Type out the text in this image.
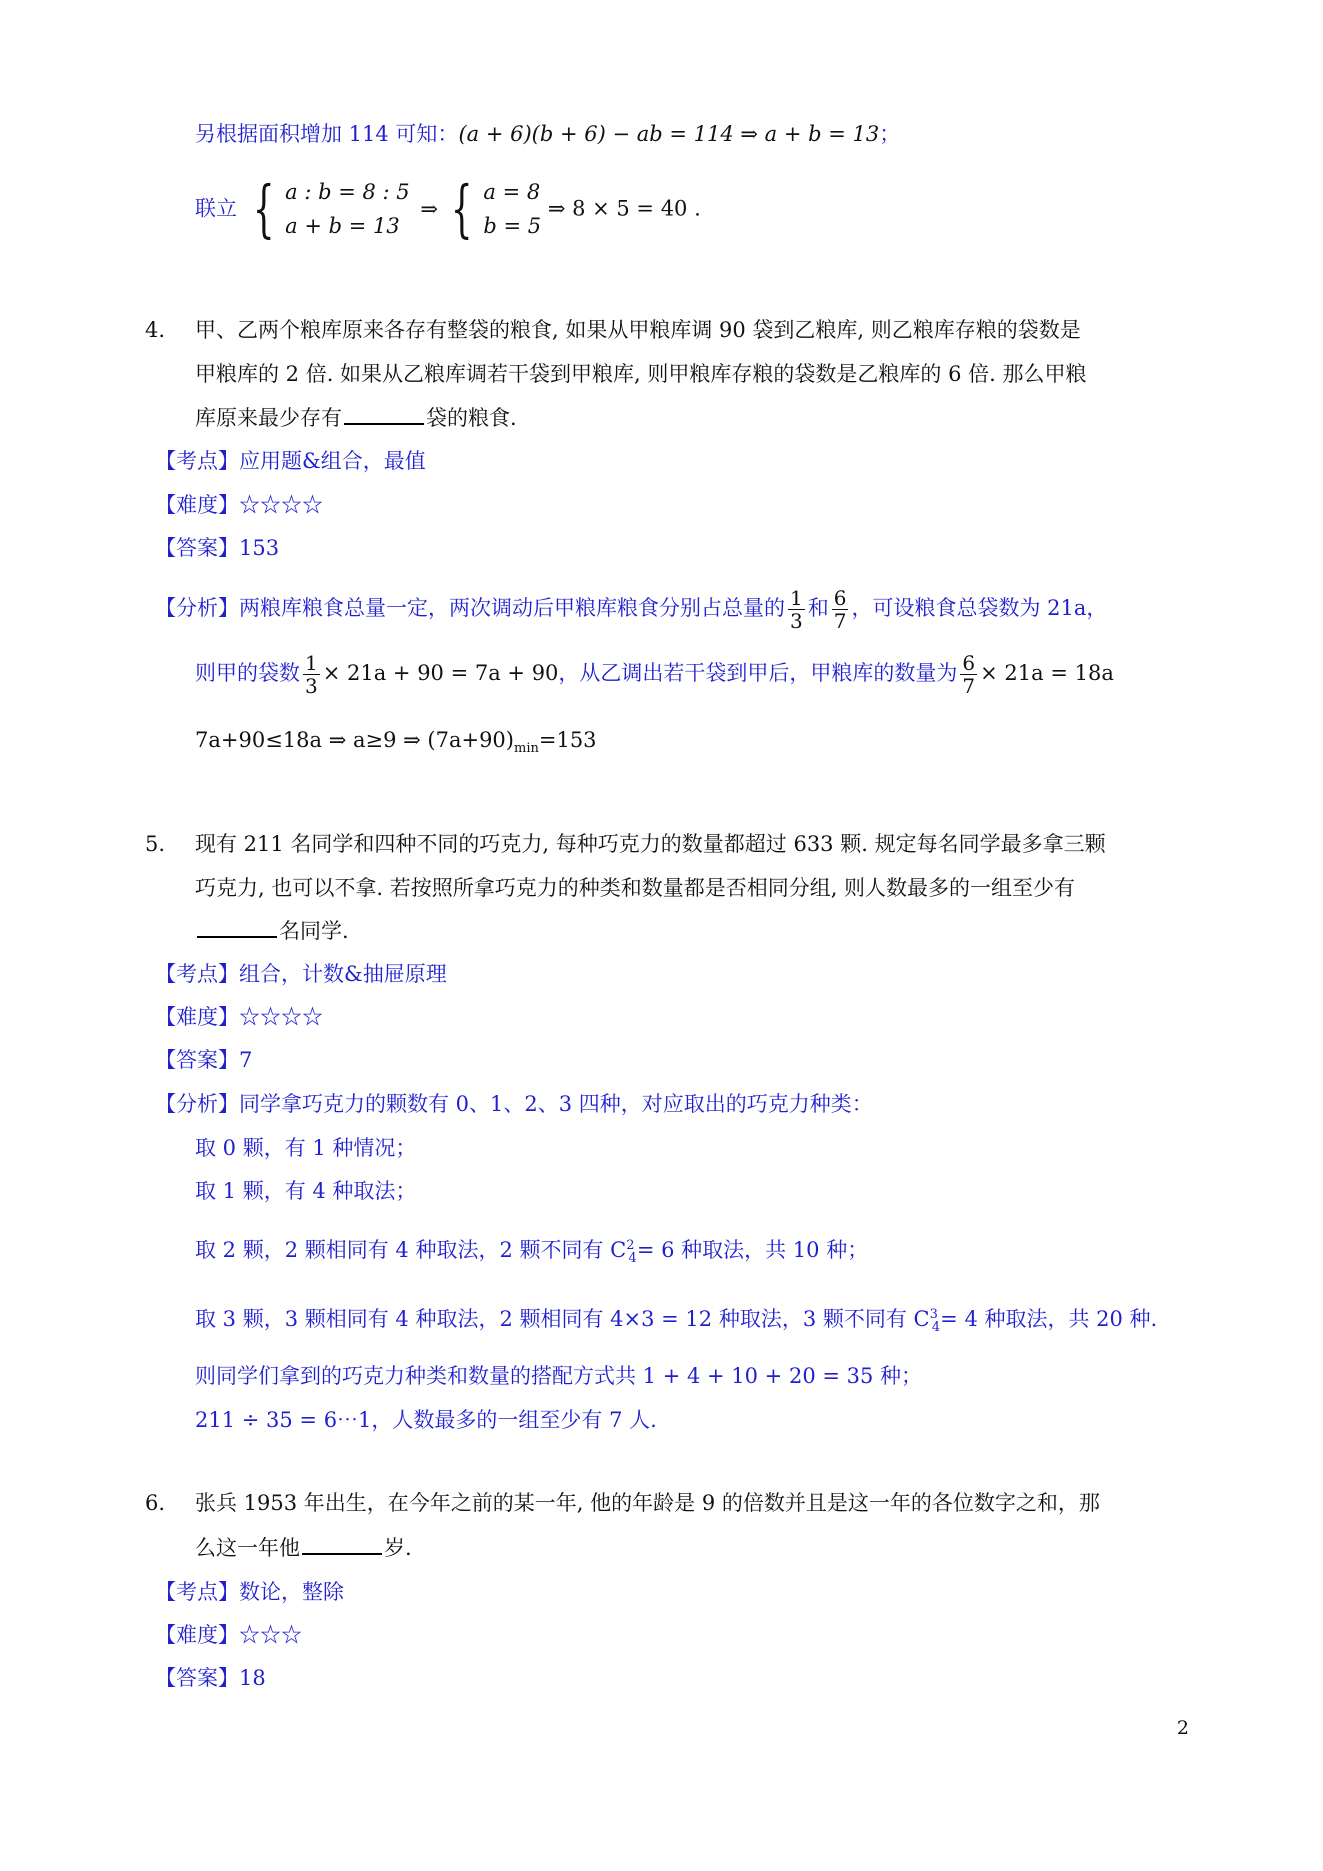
另根据面积增加 114 可知：(a + 6)(b + 6) − ab = 114 ⇒ a + b = 13；
联立 { a : b = 8 : 5
a + b = 13
⇒ { a = 8
b = 5
⇒ 8 × 5 = 40 .
4. 甲、乙两个粮库原来各存有整袋的粮食, 如果从甲粮库调 90 袋到乙粮库, 则乙粮库存粮的袋数是
甲粮库的 2 倍. 如果从乙粮库调若干袋到甲粮库, 则甲粮库存粮的袋数是乙粮库的 6 倍. 那么甲粮
库原来最少存有	袋的粮食.
【考点】应用题&组合，最值
【难度】☆☆☆☆
【答案】153
【分析】两粮库粮食总量一定，两次调动后甲粮库粮食分别占总量的 $\frac{1}{3}$ 和 $\frac{6}{7}$ ，可设粮食总袋数为 21a，
则甲的袋数 $\frac{1}{3} \times 21a + 90 = 7a + 90$，从乙调出若干袋到甲后，甲粮库的数量为 $\frac{6}{7} \times 21a = 18a$
7a+90≤18a ⇒ a≥9 ⇒ $(7a+90)_{min}=153$
5. 现有 211 名同学和四种不同的巧克力, 每种巧克力的数量都超过 633 颗. 规定每名同学最多拿三颗
巧克力, 也可以不拿. 若按照所拿巧克力的种类和数量都是否相同分组, 则人数最多的一组至少有
名同学.
【考点】组合，计数&抽屉原理
【难度】☆☆☆☆
【答案】7
【分析】同学拿巧克力的颗数有 0、1、2、3 四种，对应取出的巧克力种类：
取 0 颗，有 1 种情况；
取 1 颗，有 4 种取法；
取 2 颗，2 颗相同有 4 种取法，2 颗不同有 $C^2_4= 6$ 种取法，共 10 种；
取 3 颗，3 颗相同有 4 种取法，2 颗相同有 4×3 = 12 种取法，3 颗不同有 $C^3_4= 4$ 种取法，共 20 种.
则同学们拿到的巧克力种类和数量的搭配方式共 1 + 4 + 10 + 20 = 35 种；
211 ÷ 35 = 6⋯1，人数最多的一组至少有 7 人.
6. 张兵 1953 年出生，在今年之前的某一年, 他的年龄是 9 的倍数并且是这一年的各位数字之和，那
么这一年他	岁.
【考点】数论，整除
【难度】☆☆☆
【答案】18
2
